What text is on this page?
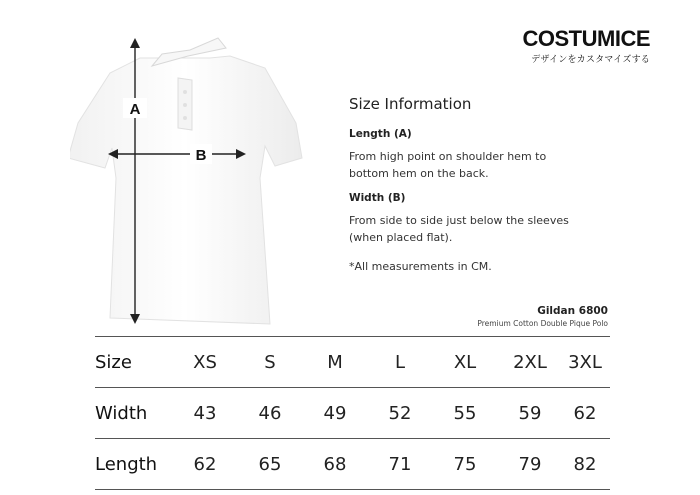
COSTUMICE
デザインをカスタマイズする
A
B
Size Information
Length (A)
From high point on shoulder hem to bottom hem on the back.
Width (B)
From side to side just below the sleeves (when placed flat).
*All measurements in CM.
Gildan 6800
Premium Cotton Double Pique Polo
Size	XS	S	M	L	XL	2XL 3XL
Width	43	46	49	52	55	59	62
Length	62	65	68	71	75	79	82
